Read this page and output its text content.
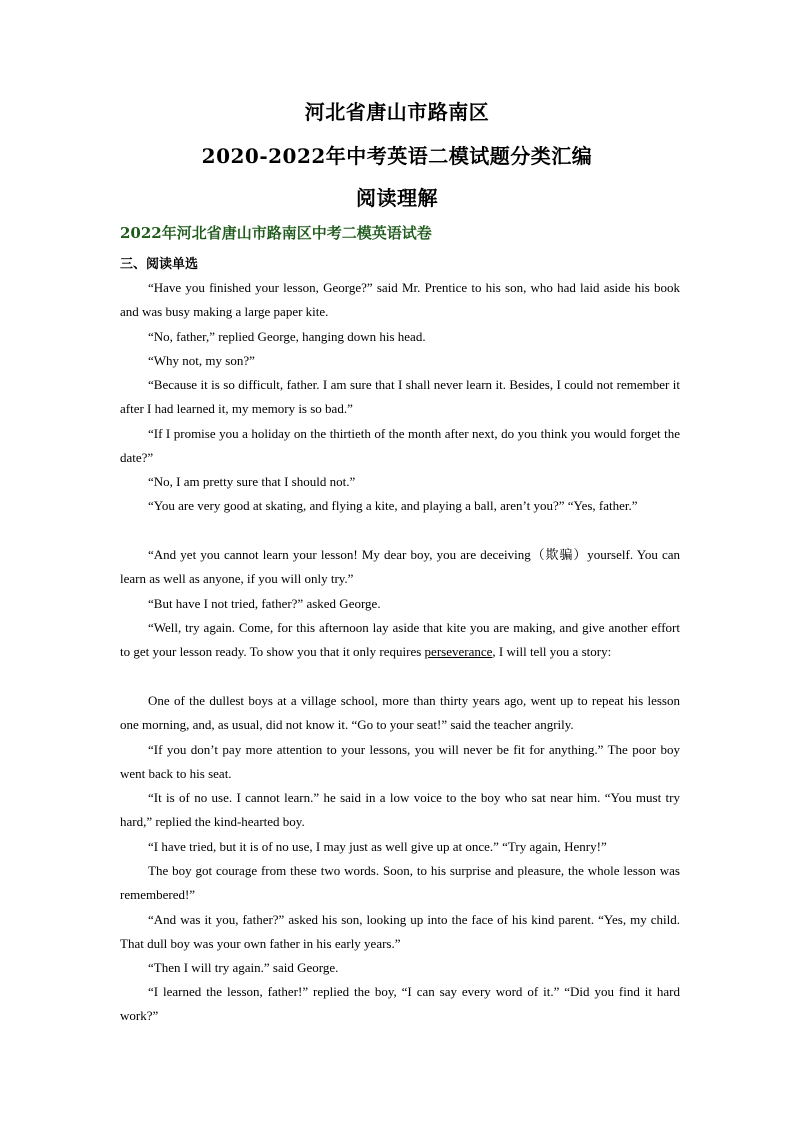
河北省唐山市路南区
2020-2022年中考英语二模试题分类汇编
阅读理解
2022年河北省唐山市路南区中考二模英语试卷
三、阅读单选

“Have you finished your lesson, George?” said Mr. Prentice to his son, who had laid aside his book and was busy making a large paper kite.

“No, father,” replied George, hanging down his head.

“Why not, my son?”

“Because it is so difficult, father. I am sure that I shall never learn it. Besides, I could not remember it after I had learned it, my memory is so bad.”

“If I promise you a holiday on the thirtieth of the month after next, do you think you would forget the date?”

“No, I am pretty sure that I should not.”

“You are very good at skating, and flying a kite, and playing a ball, aren’t you?” “Yes, father.”

“And yet you cannot learn your lesson! My dear boy, you are deceiving（欺骗）yourself. You can learn as well as anyone, if you will only try.”

“But have I not tried, father?” asked George.

“Well, try again. Come, for this afternoon lay aside that kite you are making, and give another effort to get your lesson ready. To show you that it only requires perseverance, I will tell you a story:

One of the dullest boys at a village school, more than thirty years ago, went up to repeat his lesson one morning, and, as usual, did not know it. “Go to your seat!” said the teacher angrily.

“If you don’t pay more attention to your lessons, you will never be fit for anything.” The poor boy went back to his seat.

“It is of no use. I cannot learn.” he said in a low voice to the boy who sat near him. “You must try hard,” replied the kind-hearted boy.

“I have tried, but it is of no use, I may just as well give up at once.” “Try again, Henry!”

The boy got courage from these two words. Soon, to his surprise and pleasure, the whole lesson was remembered!”

“And was it you, father?” asked his son, looking up into the face of his kind parent. “Yes, my child. That dull boy was your own father in his early years.”

“Then I will try again.” said George.

“I learned the lesson, father!” replied the boy, “I can say every word of it.” “Did you find it hard work?”
